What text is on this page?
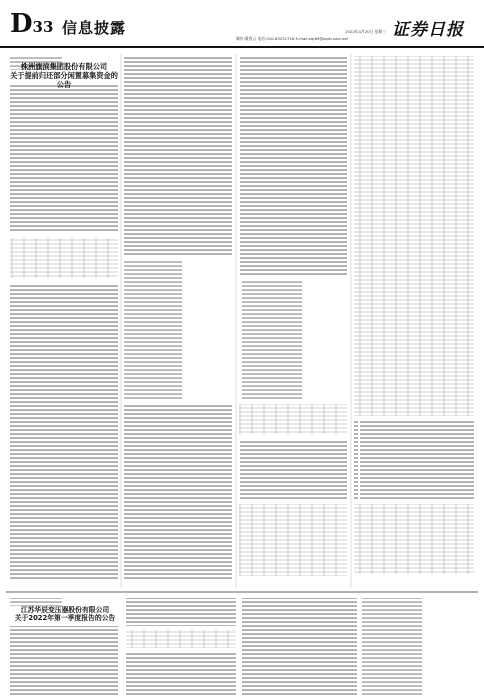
D33 信息披露	2022年4月20日 星期三
制作:董春云 电话:010-83251716 E-mail:zqrb9@zqrb.sina.net	证券日报
株洲旗滨集团股份有限公司
关于提前归还部分闲置募集资金的公告
江苏华辰变压器股份有限公司
关于2022年第一季度报告的公告
